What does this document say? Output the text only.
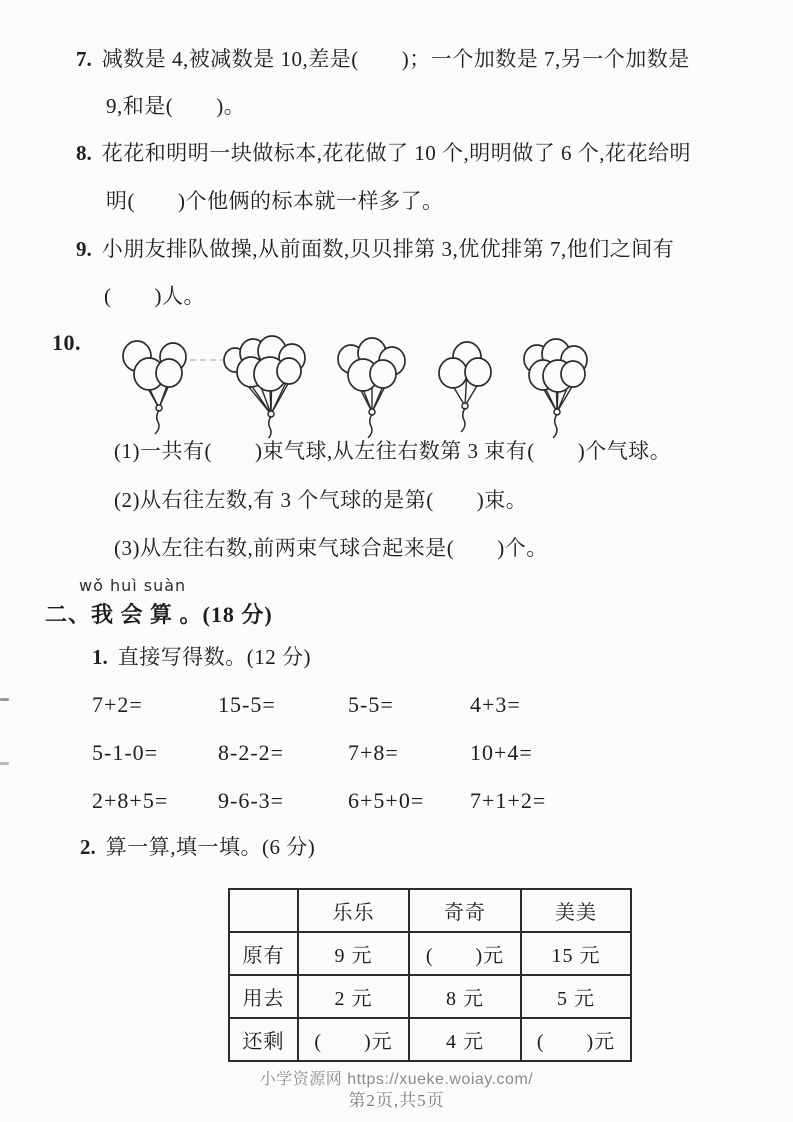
7. 减数是 4,被减数是 10,差是(　　)；一个加数是 7,另一个加数是
9,和是(　　)。
8. 花花和明明一块做标本,花花做了 10 个,明明做了 6 个,花花给明
明(　　)个他俩的标本就一样多了。
9. 小朋友排队做操,从前面数,贝贝排第 3,优优排第 7,他们之间有
(　　)人。
10.
(1)一共有(　　)束气球,从左往右数第 3 束有(　　)个气球。
(2)从右往左数,有 3 个气球的是第(　　)束。
(3)从左往右数,前两束气球合起来是(　　)个。
wǒ huì suàn
二、我 会 算 。(18 分)
1. 直接写得数。(12 分)
7+2=	15-5=	5-5=	4+3=
5-1-0=	8-2-2=	7+8=	10+4=
2+8+5=	9-6-3=	6+5+0=	7+1+2=
2. 算一算,填一填。(6 分)
	乐乐	奇奇	美美
原有	9 元	(　　)元	15 元
用去	2 元	8 元	5 元
还剩	(　　)元	4 元	(　　)元
小学资源网 https://xueke.woiay.com/
第2页,共5页
